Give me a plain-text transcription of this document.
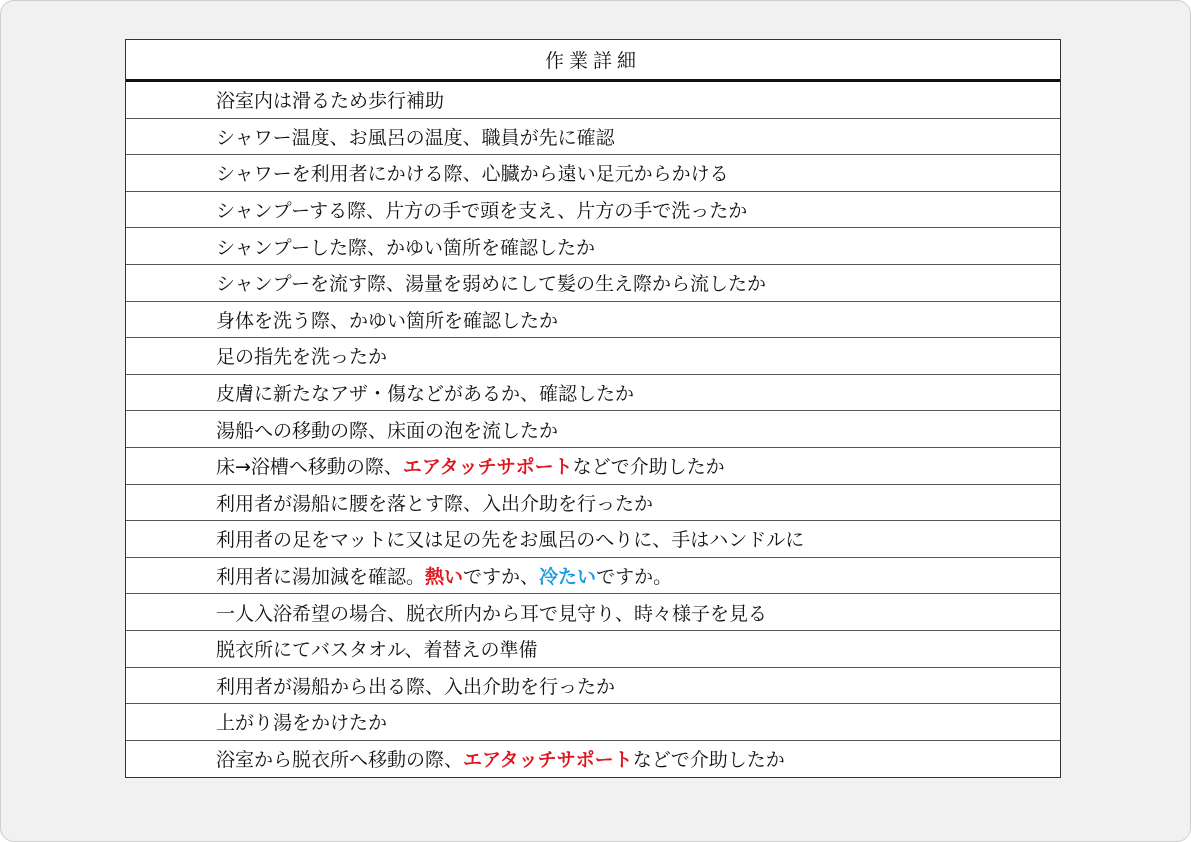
作業詳細
浴室内は滑るため歩行補助
シャワー温度、お風呂の温度、職員が先に確認
シャワーを利用者にかける際、心臓から遠い足元からかける
シャンプーする際、片方の手で頭を支え、片方の手で洗ったか
シャンプーした際、かゆい箇所を確認したか
シャンプーを流す際、湯量を弱めにして髪の生え際から流したか
身体を洗う際、かゆい箇所を確認したか
足の指先を洗ったか
皮膚に新たなアザ・傷などがあるか、確認したか
湯船への移動の際、床面の泡を流したか
床→浴槽へ移動の際、 エアタッチサポート などで介助したか
利用者が湯船に腰を落とす際、入出介助を行ったか
利用者の足をマットに又は足の先をお風呂のへりに、手はハンドルに
利用者に湯加減を確認。 熱い ですか、 冷たい ですか。
一人入浴希望の場合、脱衣所内から耳で見守り、時々様子を見る
脱衣所にてバスタオル、着替えの準備
利用者が湯船から出る際、入出介助を行ったか
上がり湯をかけたか
浴室から脱衣所へ移動の際、 エアタッチサポート などで介助したか
